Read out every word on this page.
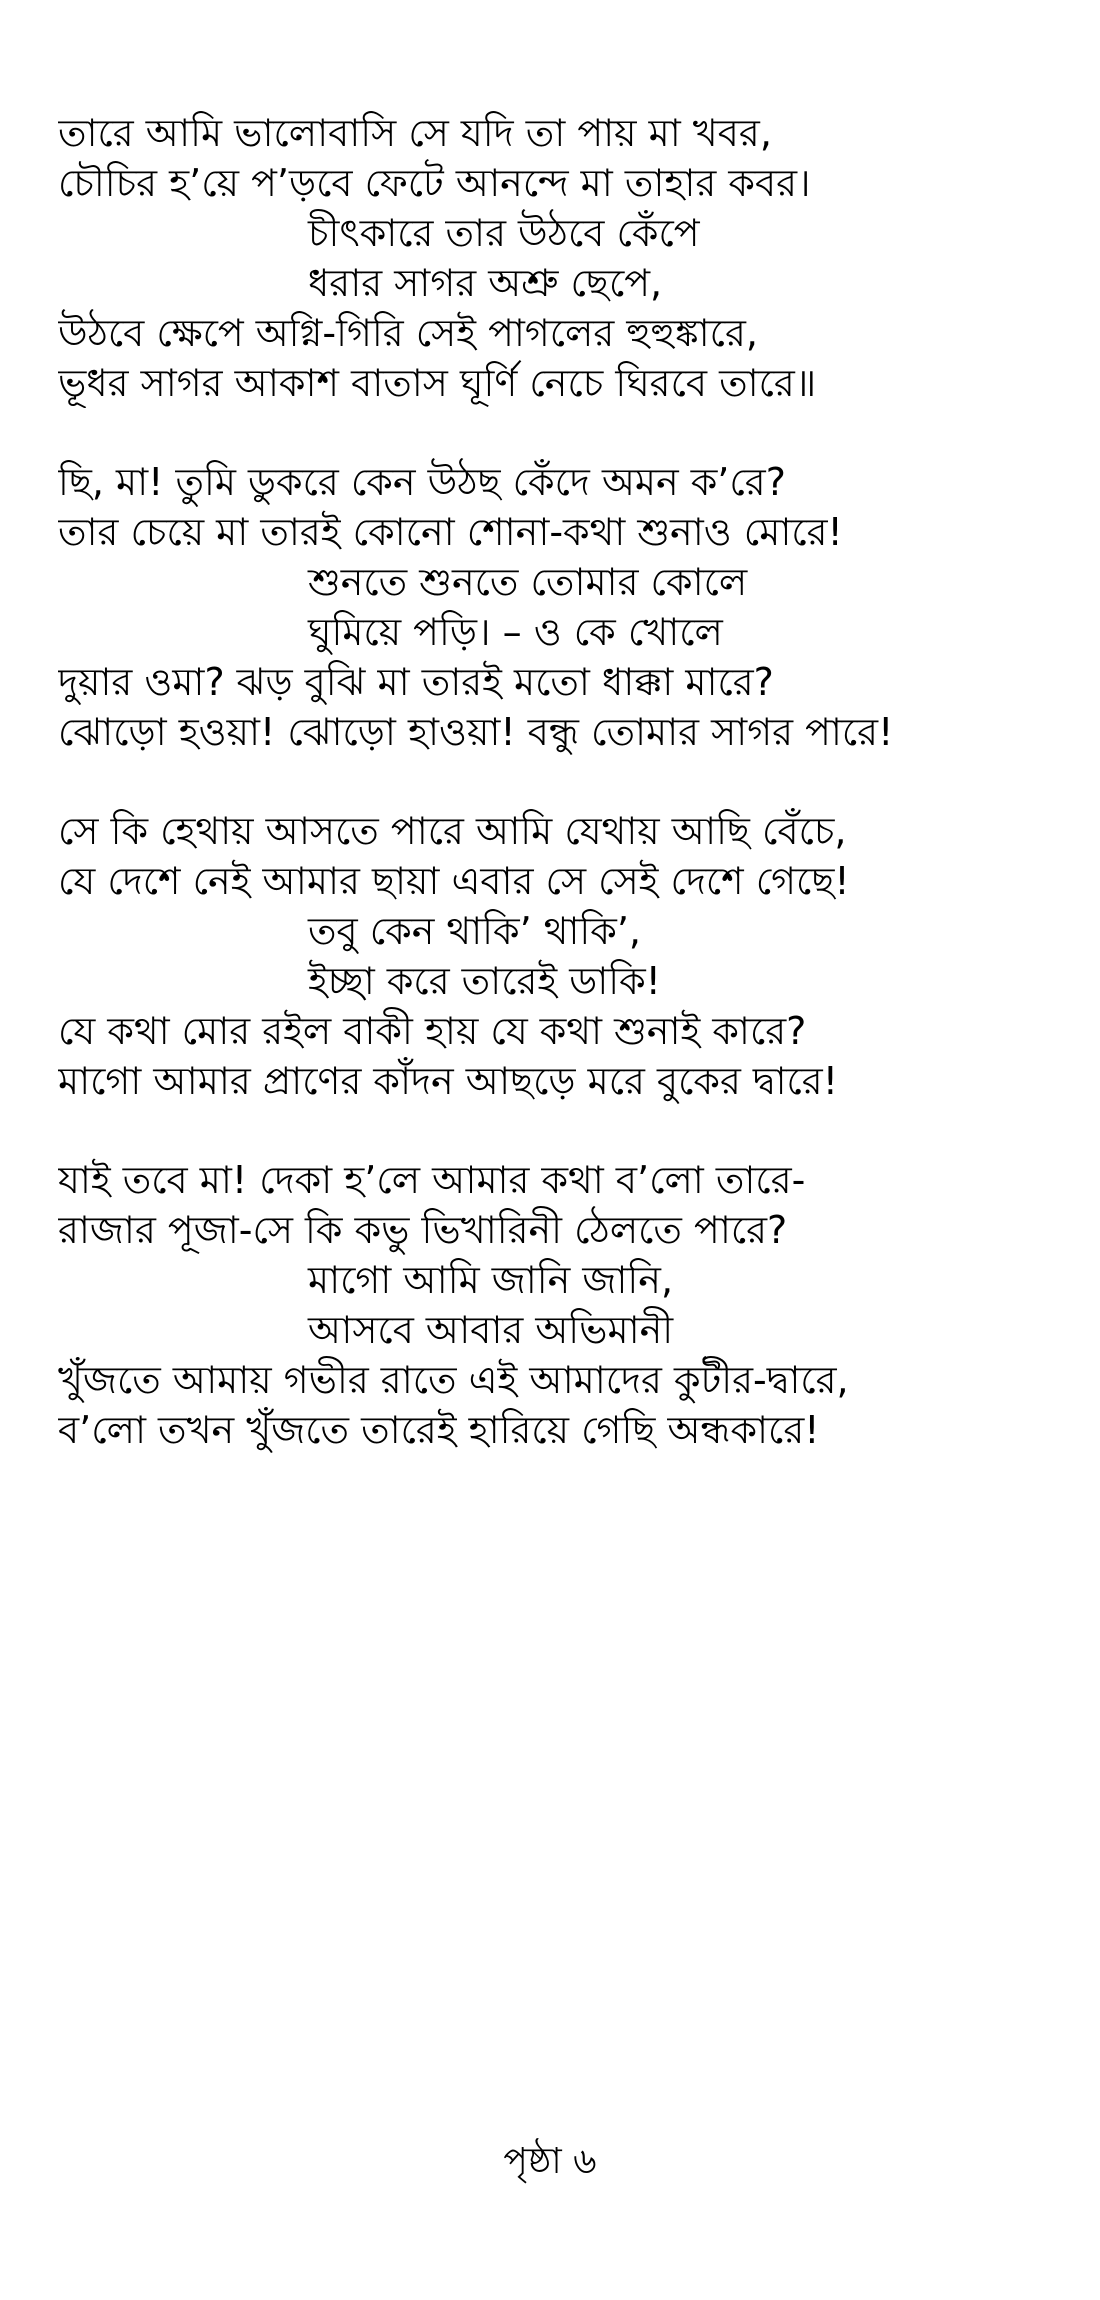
তারে আমি ভালোবাসি সে যদি তা পায় মা খবর,
চৌচির হ’য়ে প’ড়বে ফেটে আনন্দে মা তাহার কবর।
চীৎকারে তার উঠবে কেঁপে
ধরার সাগর অশ্রু ছেপে,
উঠবে ক্ষেপে অগ্নি-গিরি সেই পাগলের হুহুঙ্কারে,
ভূধর সাগর আকাশ বাতাস ঘূর্ণি নেচে ঘিরবে তারে॥
ছি, মা! তুমি ডুকরে কেন উঠছ কেঁদে অমন ক’রে?
তার চেয়ে মা তারই কোনো শোনা-কথা শুনাও মোরে!
শুনতে শুনতে তোমার কোলে
ঘুমিয়ে পড়ি। – ও কে খোলে
দুয়ার ওমা? ঝড় বুঝি মা তারই মতো ধাক্কা মারে?
ঝোড়ো হওয়া! ঝোড়ো হাওয়া! বন্ধু তোমার সাগর পারে!
সে কি হেথায় আসতে পারে আমি যেথায় আছি বেঁচে,
যে দেশে নেই আমার ছায়া এবার সে সেই দেশে গেছে!
তবু কেন থাকি’ থাকি’,
ইচ্ছা করে তারেই ডাকি!
যে কথা মোর রইল বাকী হায় যে কথা শুনাই কারে?
মাগো আমার প্রাণের কাঁদন আছড়ে মরে বুকের দ্বারে!
যাই তবে মা! দেকা হ’লে আমার কথা ব’লো তারে-
রাজার পূজা-সে কি কভু ভিখারিনী ঠেলতে পারে?
মাগো আমি জানি জানি,
আসবে আবার অভিমানী
খুঁজতে আমায় গভীর রাতে এই আমাদের কুটীর-দ্বারে,
ব’লো তখন খুঁজতে তারেই হারিয়ে গেছি অন্ধকারে!
পৃষ্ঠা ৬
